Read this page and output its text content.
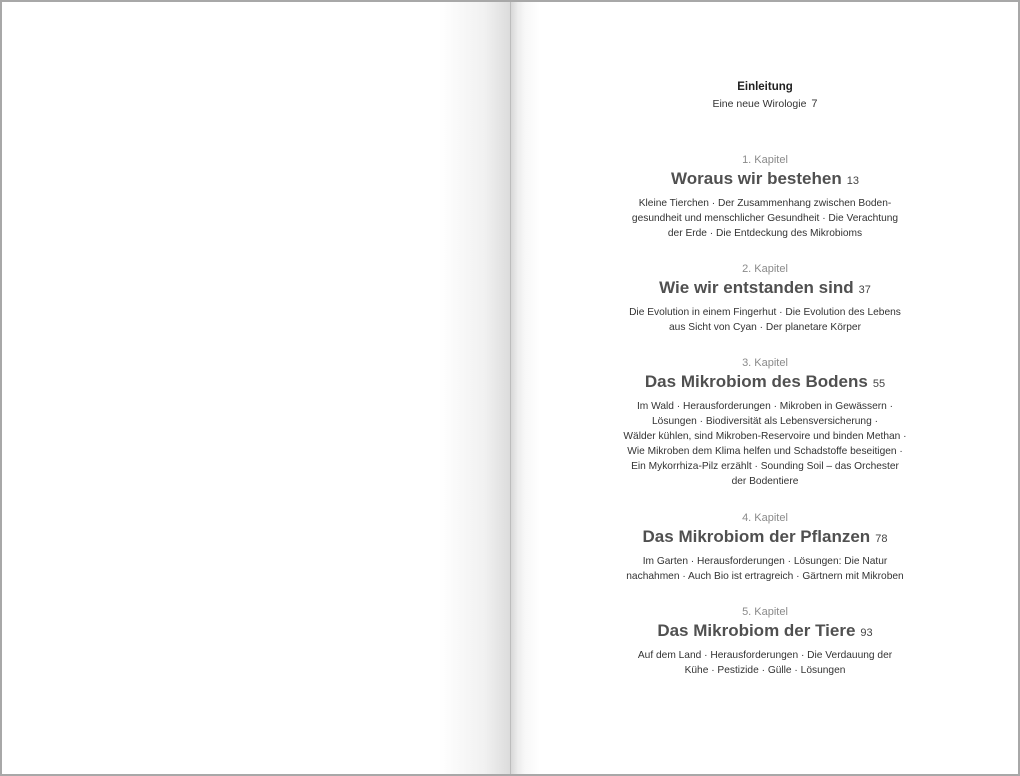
Einleitung
Eine neue Wirologie 7
1. Kapitel
Woraus wir bestehen 13
Kleine Tierchen · Der Zusammenhang zwischen Boden-
gesundheit und menschlicher Gesundheit · Die Verachtung
der Erde · Die Entdeckung des Mikrobioms
2. Kapitel
Wie wir entstanden sind 37
Die Evolution in einem Fingerhut · Die Evolution des Lebens
aus Sicht von Cyan · Der planetare Körper
3. Kapitel
Das Mikrobiom des Bodens 55
Im Wald · Herausforderungen · Mikroben in Gewässern ·
Lösungen · Biodiversität als Lebensversicherung ·
Wälder kühlen, sind Mikroben-Reservoire und binden Methan ·
Wie Mikroben dem Klima helfen und Schadstoffe beseitigen ·
Ein Mykorrhiza-Pilz erzählt · Sounding Soil – das Orchester
der Bodentiere
4. Kapitel
Das Mikrobiom der Pflanzen 78
Im Garten · Herausforderungen · Lösungen: Die Natur
nachahmen · Auch Bio ist ertragreich · Gärtnern mit Mikroben
5. Kapitel
Das Mikrobiom der Tiere 93
Auf dem Land · Herausforderungen · Die Verdauung der
Kühe · Pestizide · Gülle · Lösungen
